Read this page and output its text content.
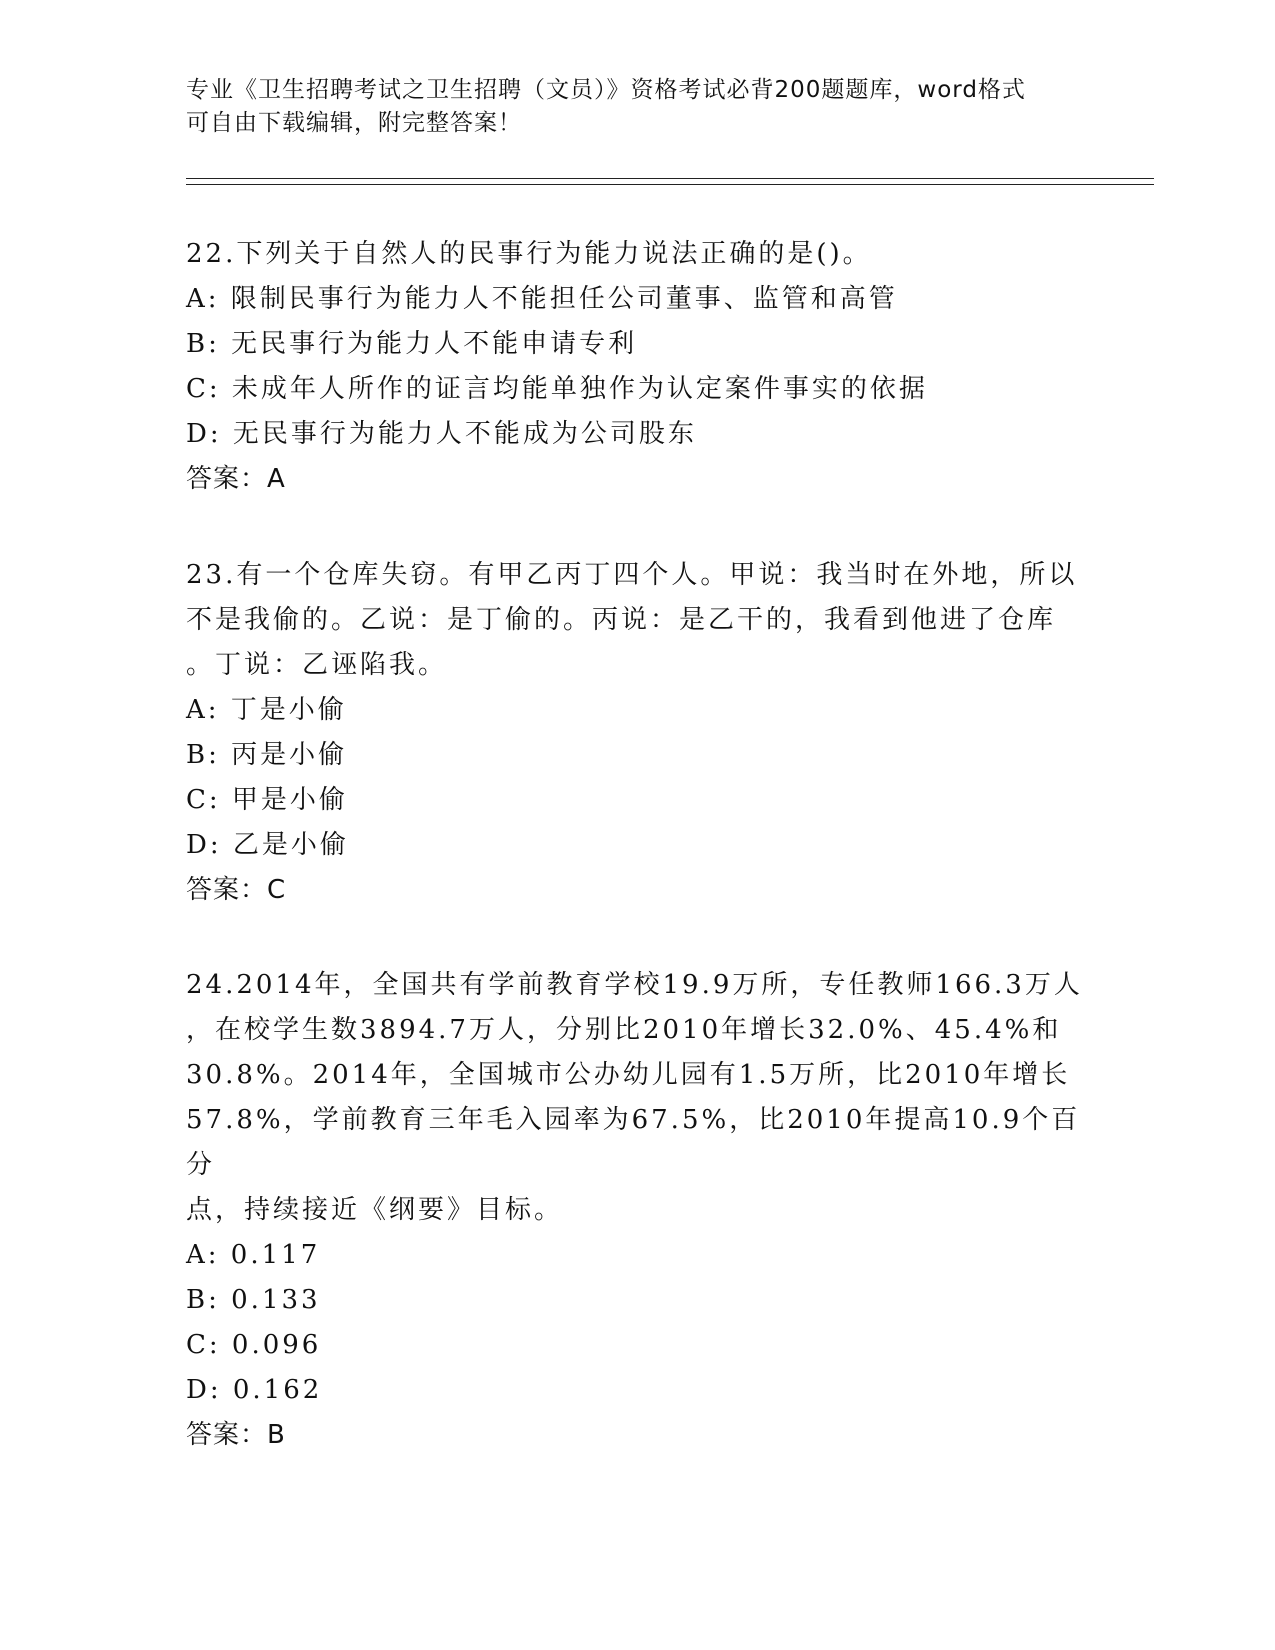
专业《卫生招聘考试之卫生招聘（文员）》资格考试必背200题题库，word格式
可自由下载编辑，附完整答案！
22.下列关于自然人的民事行为能力说法正确的是()。
A: 限制民事行为能力人不能担任公司董事、监管和高管
B: 无民事行为能力人不能申请专利
C: 未成年人所作的证言均能单独作为认定案件事实的依据
D: 无民事行为能力人不能成为公司股东
答案：A
23.有一个仓库失窃。有甲乙丙丁四个人。甲说：我当时在外地，所以
不是我偷的。乙说：是丁偷的。丙说：是乙干的，我看到他进了仓库
。丁说：乙诬陷我。
A: 丁是小偷
B: 丙是小偷
C: 甲是小偷
D: 乙是小偷
答案：C
24.2014年，全国共有学前教育学校19.9万所，专任教师166.3万人
，在校学生数3894.7万人，分别比2010年增长32.0%、45.4%和
30.8%。2014年，全国城市公办幼儿园有1.5万所，比2010年增长
57.8%，学前教育三年毛入园率为67.5%，比2010年提高10.9个百分
点，持续接近《纲要》目标。
A: 0.117
B: 0.133
C: 0.096
D: 0.162
答案：B
